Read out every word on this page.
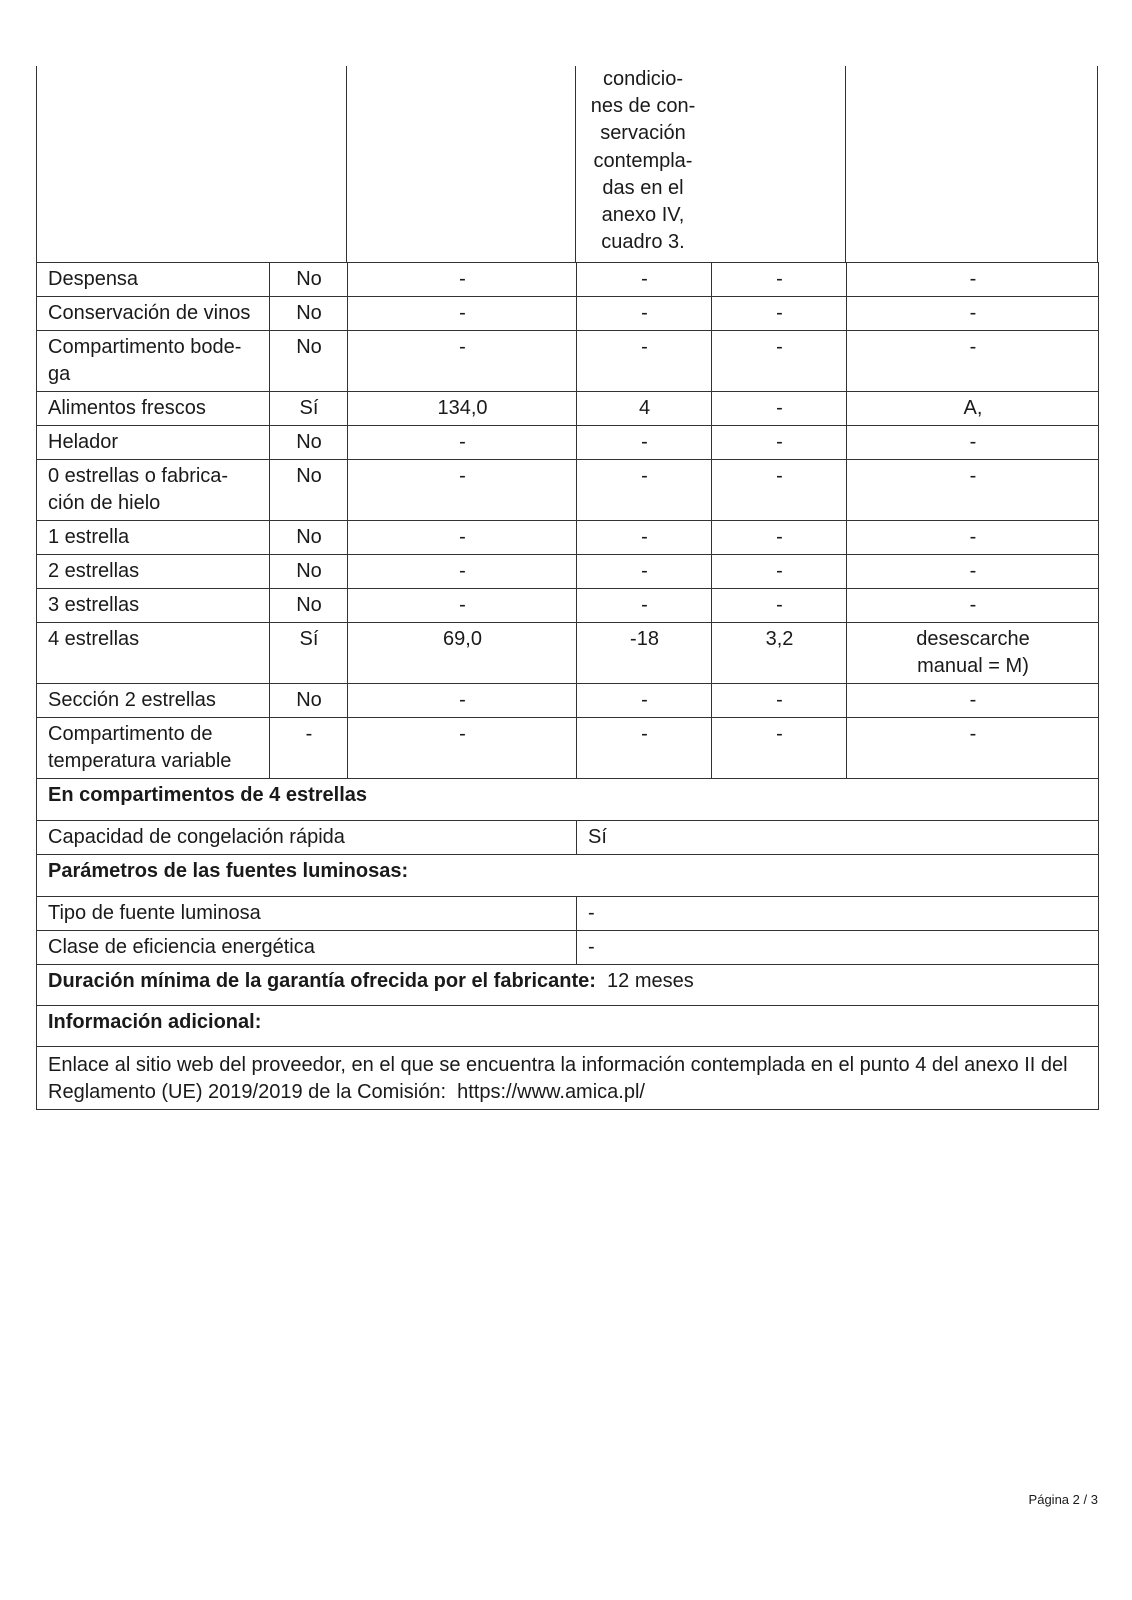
condicio-
nes de con-
servación
contempla-
das en el
anexo IV,
cuadro 3.
Despensa	No	-	-	-	-
Conservación de vinos	No	-	-	-	-
Compartimento bode-
ga	No	-	-	-	-
Alimentos frescos	Sí	134,0	4	-	A,
Helador	No	-	-	-	-
0 estrellas o fabrica-
ción de hielo	No	-	-	-	-
1 estrella	No	-	-	-	-
2 estrellas	No	-	-	-	-
3 estrellas	No	-	-	-	-
4 estrellas	Sí	69,0	-18	3,2	desescarche
manual = M)
Sección 2 estrellas	No	-	-	-	-
Compartimento de
temperatura variable	-	-	-	-	-
En compartimentos de 4 estrellas					
Capacidad de congelación rápida			Sí		
Parámetros de las fuentes luminosas:					
Tipo de fuente luminosa			-		
Clase de eficiencia energética			-		
Duración mínima de la garantía ofrecida por el fabricante: 12 meses					
Información adicional:					
Enlace al sitio web del proveedor, en el que se encuentra la información contemplada en el punto 4 del anexo II del Reglamento (UE) 2019/2019 de la Comisión: https://www.amica.pl/					
Página 2 / 3
